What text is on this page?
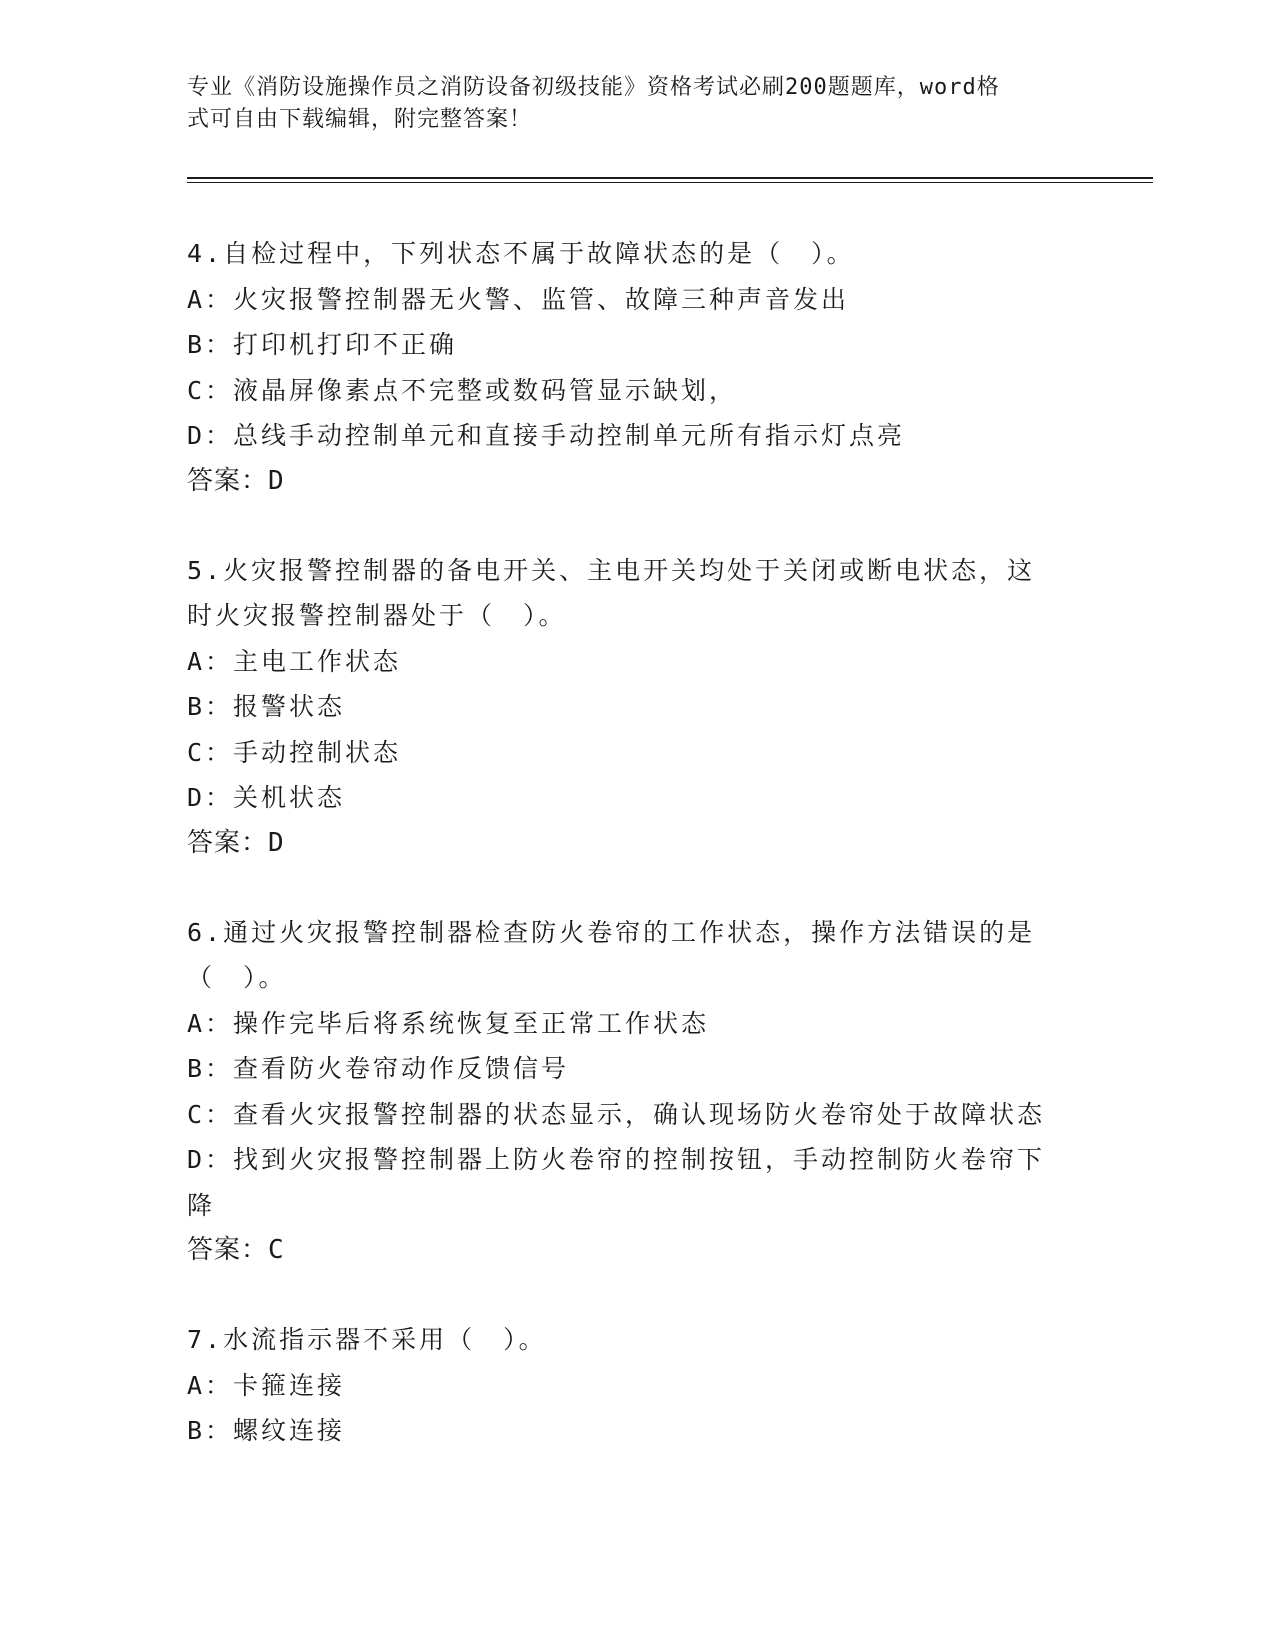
专业《消防设施操作员之消防设备初级技能》资格考试必刷200题题库，word格
式可自由下载编辑，附完整答案！
4.自检过程中，下列状态不属于故障状态的是（　）。
A：火灾报警控制器无火警、监管、故障三种声音发出
B：打印机打印不正确
C：液晶屏像素点不完整或数码管显示缺划，
D：总线手动控制单元和直接手动控制单元所有指示灯点亮
答案：D
5.火灾报警控制器的备电开关、主电开关均处于关闭或断电状态，这
时火灾报警控制器处于（　）。
A：主电工作状态
B：报警状态
C：手动控制状态
D：关机状态
答案：D
6.通过火灾报警控制器检查防火卷帘的工作状态，操作方法错误的是
（　）。
A：操作完毕后将系统恢复至正常工作状态
B：查看防火卷帘动作反馈信号
C：查看火灾报警控制器的状态显示，确认现场防火卷帘处于故障状态
D：找到火灾报警控制器上防火卷帘的控制按钮，手动控制防火卷帘下
降
答案：C
7.水流指示器不采用（　）。
A：卡箍连接
B：螺纹连接
